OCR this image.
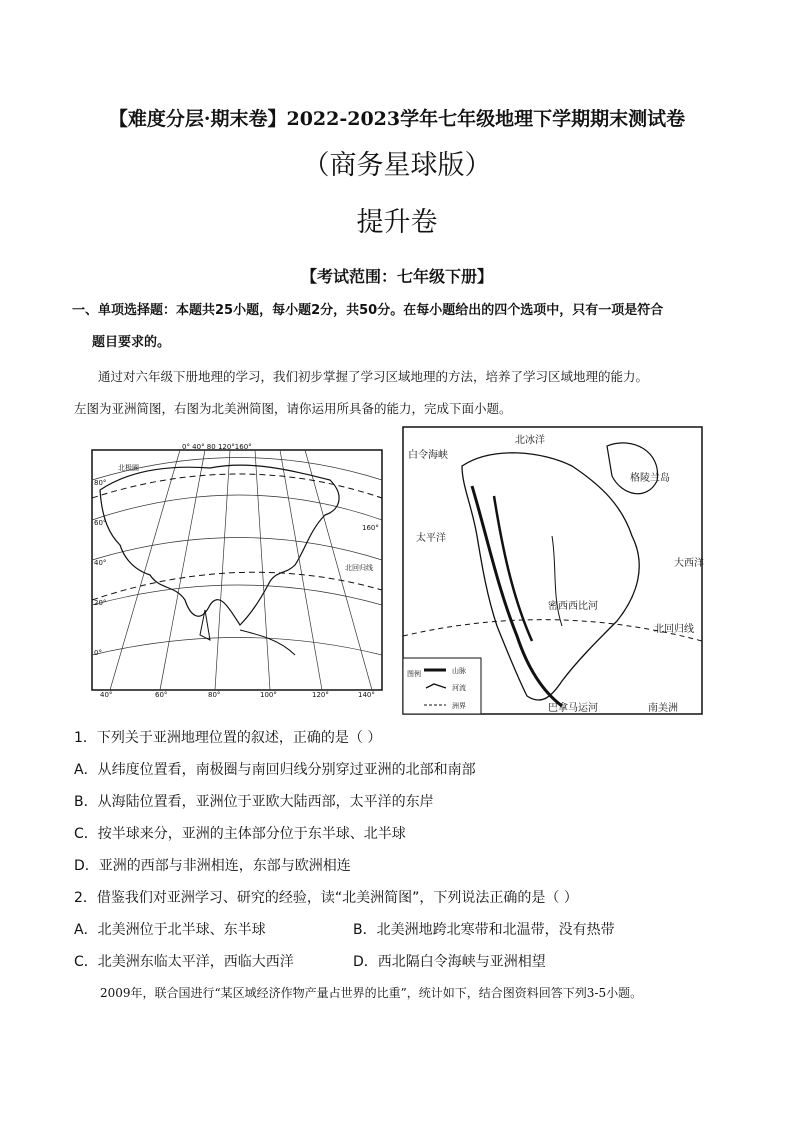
【难度分层·期末卷】2022-2023学年七年级地理下学期期末测试卷
（商务星球版）
提升卷
【考试范围：七年级下册】
一、单项选择题：本题共25小题，每小题2分，共50分。在每小题给出的四个选项中，只有一项是符合
题目要求的。
通过对六年级下册地理的学习，我们初步掌握了学习区域地理的方法，培养了学习区域地理的能力。
左图为亚洲简图，右图为北美洲简图，请你运用所具备的能力，完成下面小题。
0° 40° 80 120°160°
北极圈
北回归线
160°
80°
60°
40°
20°
0°
40°	60°	80°	100°	120°	140°
北冰洋
白令海峡
格陵兰岛
太平洋
大西洋
密西西比河
北回归线
巴拿马运河	南美洲
图例	山脉
河流
洲界
1．下列关于亚洲地理位置的叙述，正确的是（ ）
A．从纬度位置看，南极圈与南回归线分别穿过亚洲的北部和南部
B．从海陆位置看，亚洲位于亚欧大陆西部，太平洋的东岸
C．按半球来分，亚洲的主体部分位于东半球、北半球
D．亚洲的西部与非洲相连，东部与欧洲相连
2．借鉴我们对亚洲学习、研究的经验，读“北美洲简图”，下列说法正确的是（ ）
A．北美洲位于北半球、东半球	B．北美洲地跨北寒带和北温带，没有热带
C．北美洲东临太平洋，西临大西洋	D．西北隔白令海峡与亚洲相望
2009年，联合国进行“某区域经济作物产量占世界的比重”，统计如下，结合图资料回答下列3-5小题。
